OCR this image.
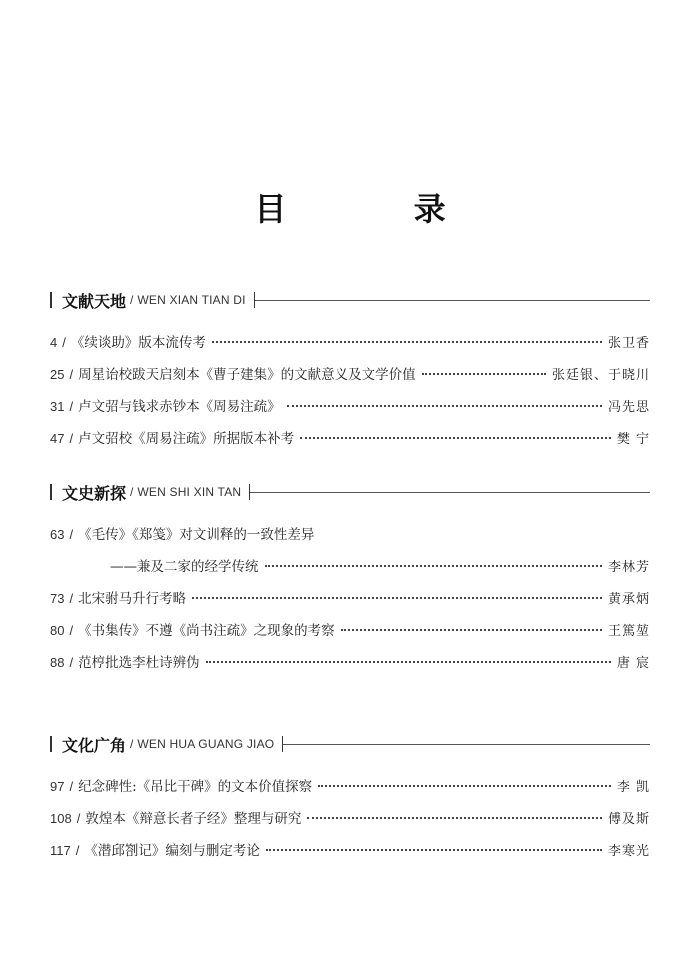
目 录
文献天地 / WEN XIAN TIAN DI
4 / 《续谈助》版本流传考	张卫香
25 / 周星诒校跋天启刻本《曹子建集》的文献意义及文学价值	张廷银、于晓川
31 / 卢文弨与钱求赤钞本《周易注疏》	冯先思
47 / 卢文弨校《周易注疏》所据版本补考	樊 宁
文史新探 / WEN SHI XIN TAN
63 / 《毛传》《郑笺》对文训释的一致性差异
——兼及二家的经学传统	李林芳
73 / 北宋驸马升行考略	黄承炳
80 / 《书集传》不遵《尚书注疏》之现象的考察	王篤堃
88 / 范梈批选李杜诗辨伪	唐 宸
文化广角 / WEN HUA GUANG JIAO
97 / 纪念碑性:《吊比干碑》的文本价值探察	李 凯
108 / 敦煌本《辩意长者子经》整理与研究	傅及斯
117 / 《潜邱劄记》编刻与删定考论	李寒光
